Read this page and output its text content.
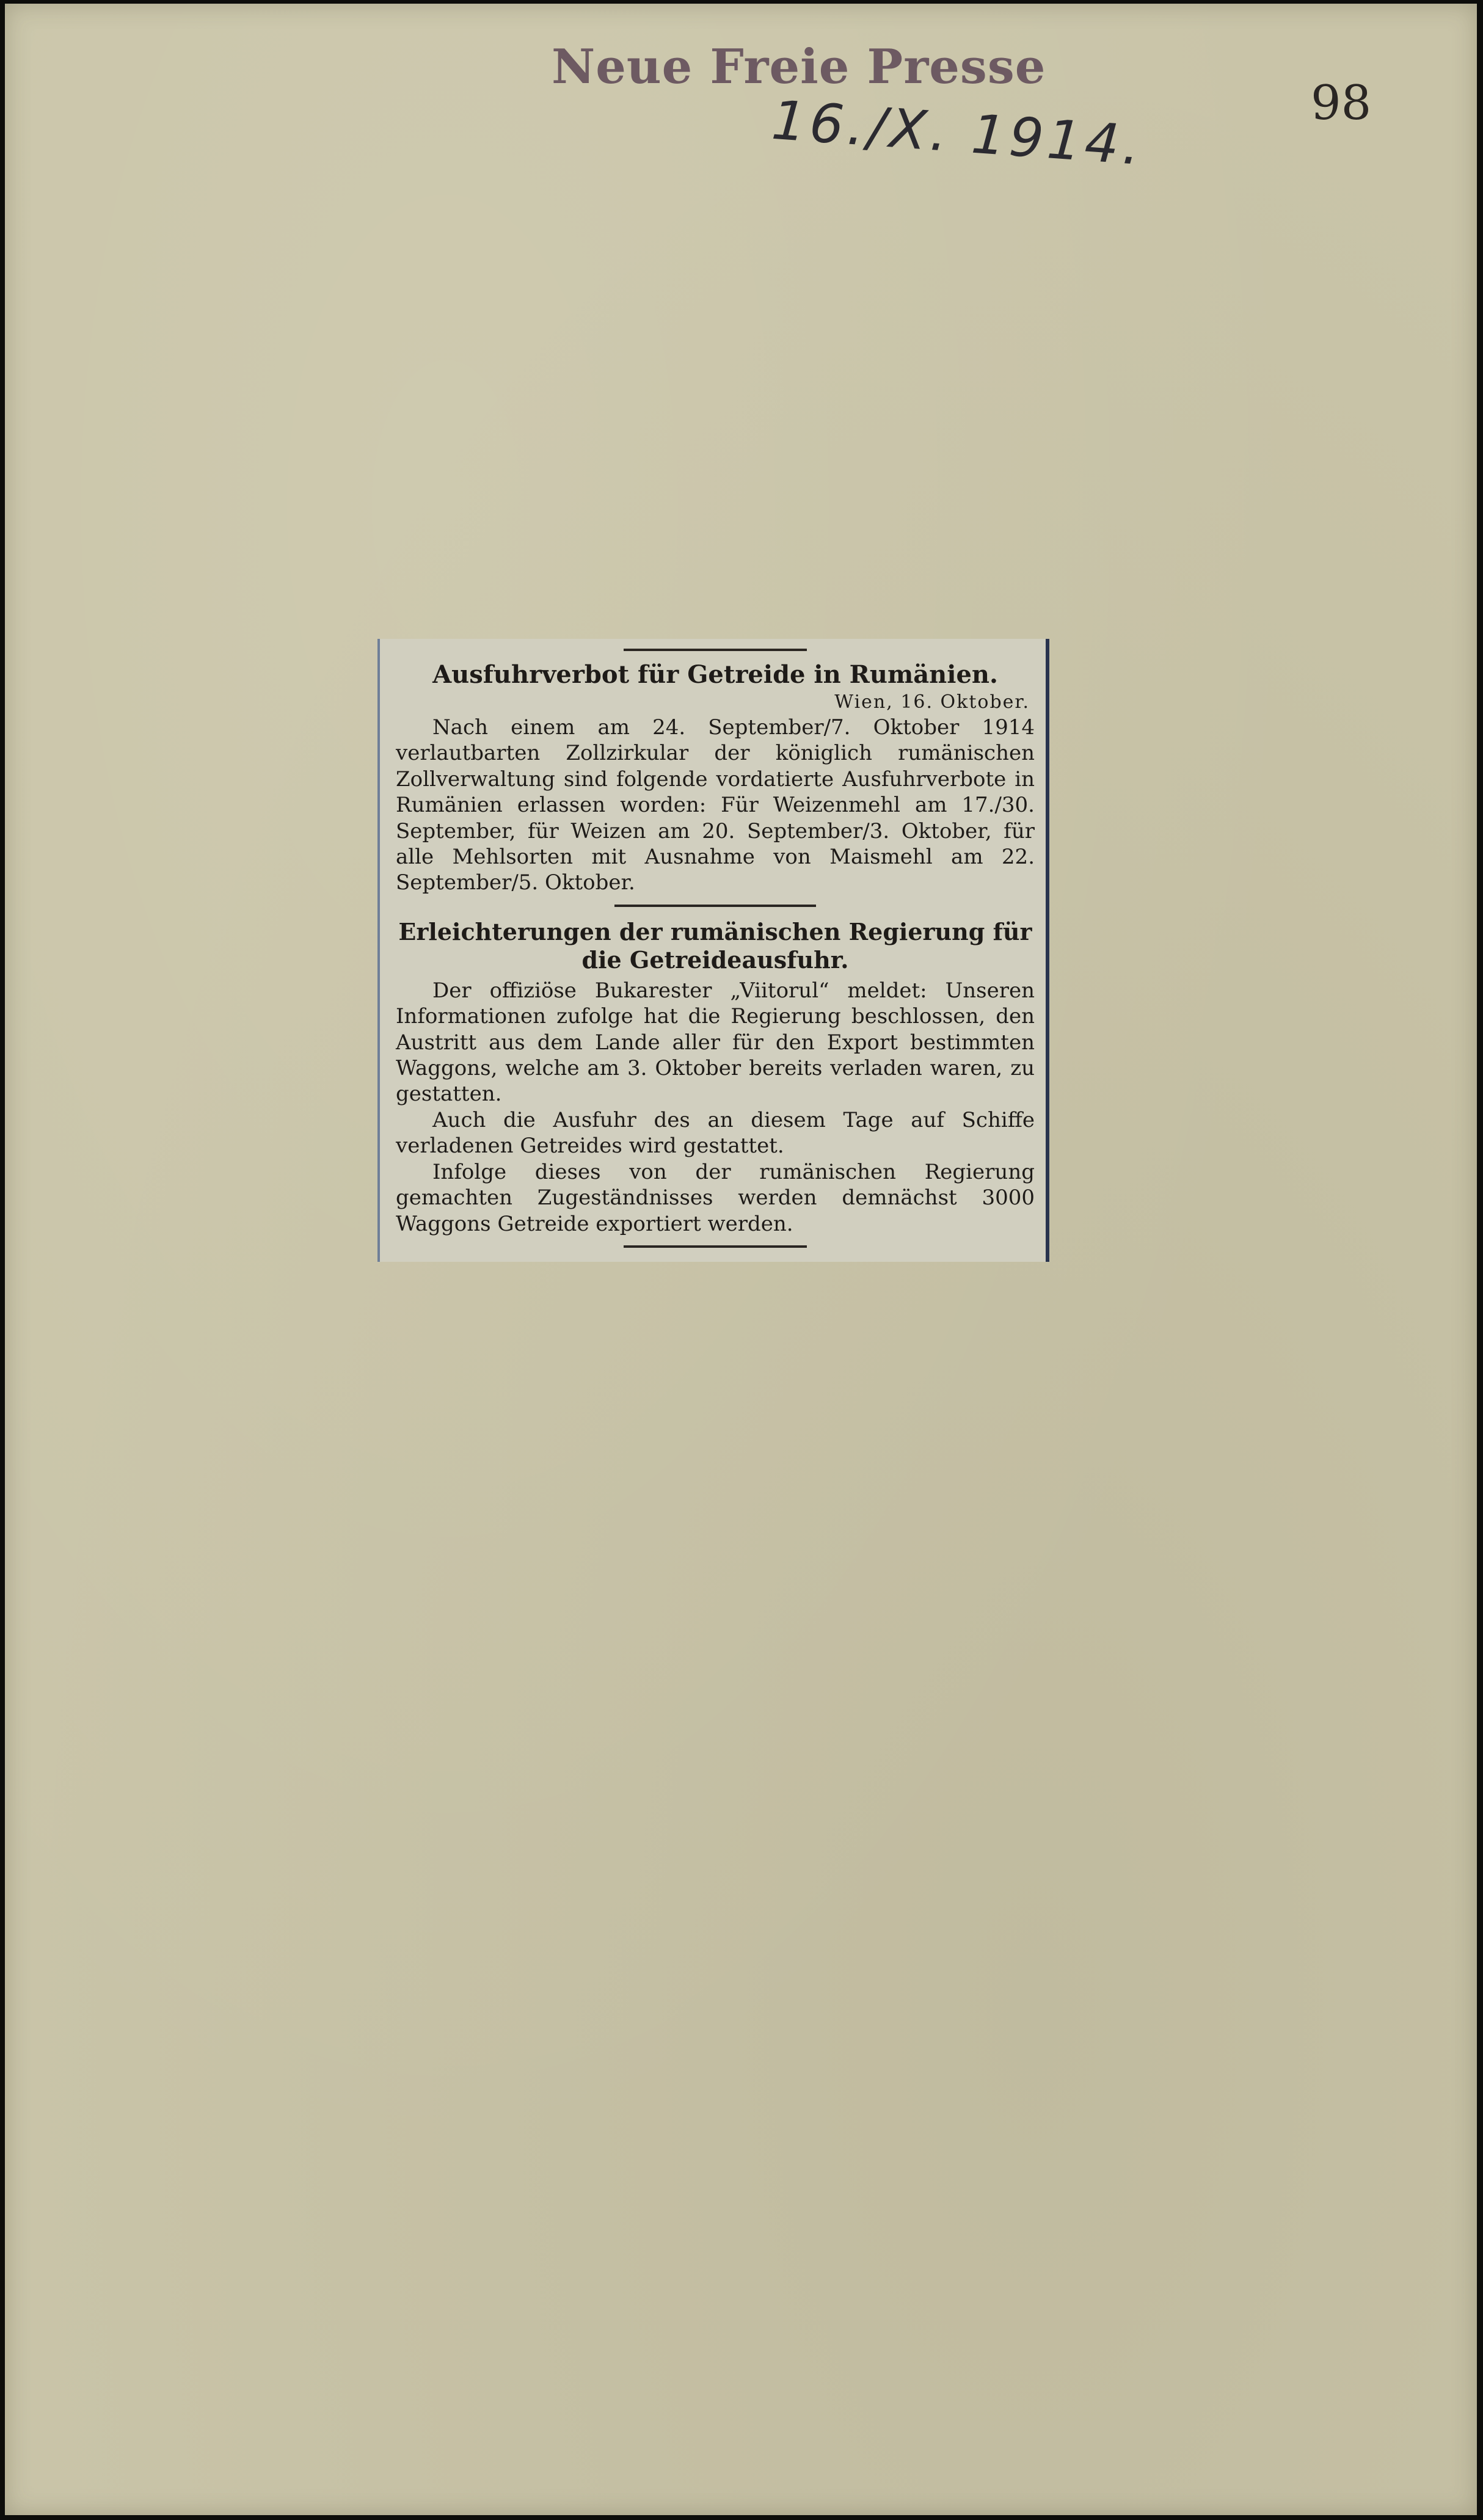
Neue Freie Presse
16./X. 1914.	98
Ausfuhrverbot für Getreide in Rumänien.
Wien, 16. Oktober.

Nach einem am 24. September/7. Oktober 1914 verlautbarten Zollzirkular der königlich rumänischen Zollverwaltung sind folgende vordatierte Ausfuhrverbote in Rumänien erlassen worden: Für Weizenmehl am 17./30. September, für Weizen am 20. September/3. Oktober, für alle Mehlsorten mit Ausnahme von Maismehl am 22. September/5. Oktober.

Erleichterungen der rumänischen Regierung für die Getreideausfuhr.

Der offiziöse Bukarester „Viitorul“ meldet: Unseren Informationen zufolge hat die Regierung beschlossen, den Austritt aus dem Lande aller für den Export bestimmten Waggons, welche am 3. Oktober bereits verladen waren, zu gestatten.

Auch die Ausfuhr des an diesem Tage auf Schiffe verladenen Getreides wird gestattet.

Infolge dieses von der rumänischen Regierung gemachten Zugeständnisses werden demnächst 3000 Waggons Getreide exportiert werden.
